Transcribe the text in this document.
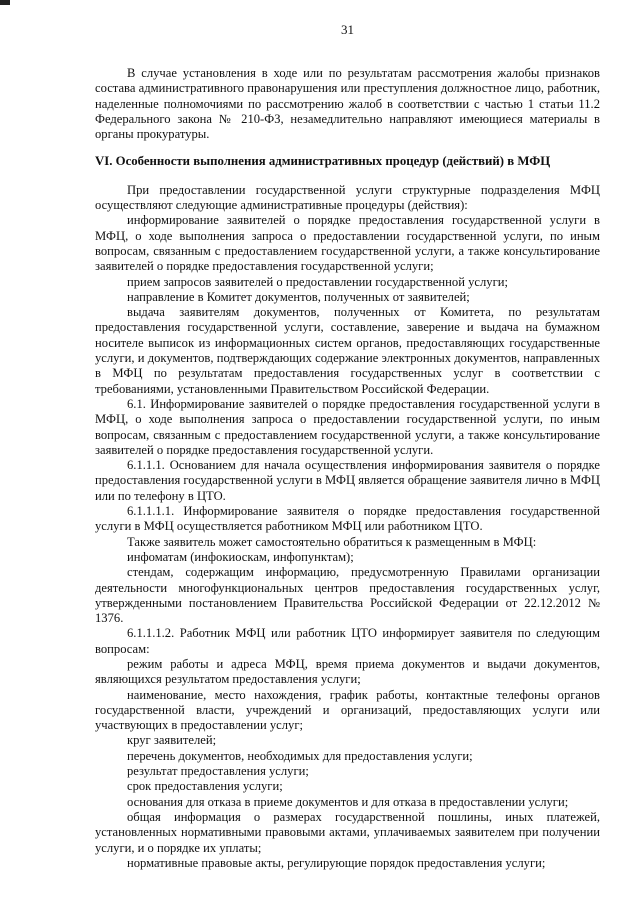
31

В случае установления в ходе или по результатам рассмотрения жалобы признаков состава административного правонарушения или преступления должностное лицо, работник, наделенные полномочиями по рассмотрению жалоб в соответствии с частью 1 статьи 11.2 Федерального закона № 210-ФЗ, незамедлительно направляют имеющиеся материалы в органы прокуратуры.

VI. Особенности выполнения административных процедур (действий) в МФЦ

При предоставлении государственной услуги структурные подразделения МФЦ осуществляют следующие административные процедуры (действия):

информирование заявителей о порядке предоставления государственной услуги в МФЦ, о ходе выполнения запроса о предоставлении государственной услуги, по иным вопросам, связанным с предоставлением государственной услуги, а также консультирование заявителей о порядке предоставления государственной услуги;

прием запросов заявителей о предоставлении государственной услуги;

направление в Комитет документов, полученных от заявителей;

выдача заявителям документов, полученных от Комитета, по результатам предоставления государственной услуги, составление, заверение и выдача на бумажном носителе выписок из информационных систем органов, предоставляющих государственные услуги, и документов, подтверждающих содержание электронных документов, направленных в МФЦ по результатам предоставления государственных услуг в соответствии с требованиями, установленными Правительством Российской Федерации.

6.1. Информирование заявителей о порядке предоставления государственной услуги в МФЦ, о ходе выполнения запроса о предоставлении государственной услуги, по иным вопросам, связанным с предоставлением государственной услуги, а также консультирование заявителей о порядке предоставления государственной услуги.

6.1.1.1. Основанием для начала осуществления информирования заявителя о порядке предоставления государственной услуги в МФЦ является обращение заявителя лично в МФЦ или по телефону в ЦТО.

6.1.1.1.1. Информирование заявителя о порядке предоставления государственной услуги в МФЦ осуществляется работником МФЦ или работником ЦТО.

Также заявитель может самостоятельно обратиться к размещенным в МФЦ:

инфоматам (инфокиоскам, инфопунктам);

стендам, содержащим информацию, предусмотренную Правилами организации деятельности многофункциональных центров предоставления государственных услуг, утвержденными постановлением Правительства Российской Федерации от 22.12.2012 № 1376.

6.1.1.1.2. Работник МФЦ или работник ЦТО информирует заявителя по следующим вопросам:

режим работы и адреса МФЦ, время приема документов и выдачи документов, являющихся результатом предоставления услуги;

наименование, место нахождения, график работы, контактные телефоны органов государственной власти, учреждений и организаций, предоставляющих услуги или участвующих в предоставлении услуг;

круг заявителей;

перечень документов, необходимых для предоставления услуги;

результат предоставления услуги;

срок предоставления услуги;

основания для отказа в приеме документов и для отказа в предоставлении услуги;

общая информация о размерах государственной пошлины, иных платежей, установленных нормативными правовыми актами, уплачиваемых заявителем при получении услуги, и о порядке их уплаты;

нормативные правовые акты, регулирующие порядок предоставления услуги;
